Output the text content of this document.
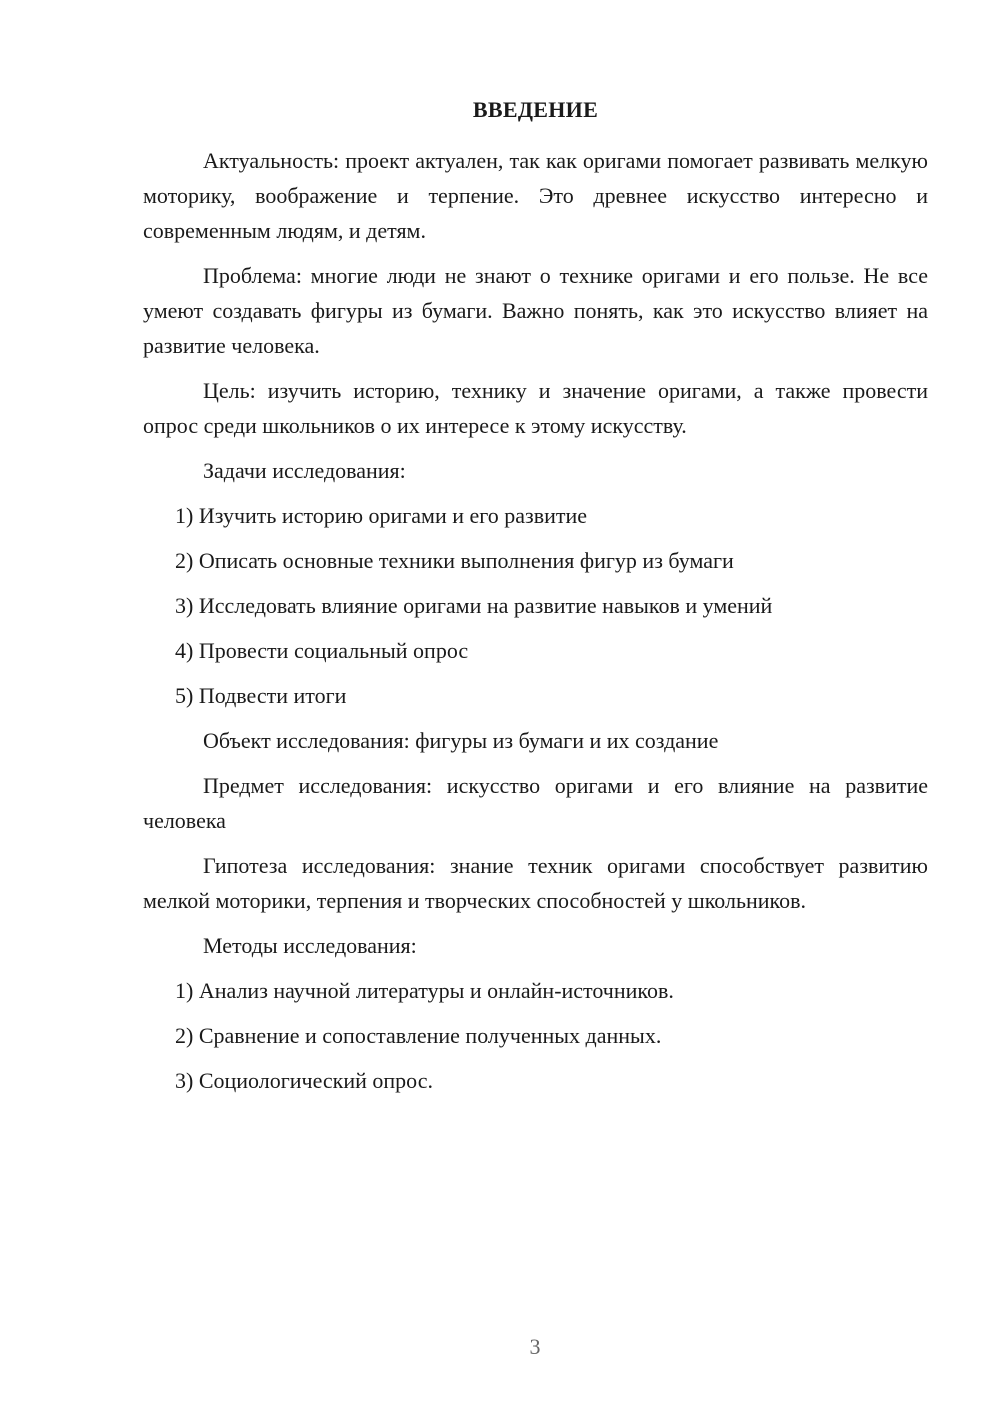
ВВЕДЕНИЕ

Актуальность: проект актуален, так как оригами помогает развивать мелкую моторику, воображение и терпение. Это древнее искусство интересно и современным людям, и детям.

Проблема: многие люди не знают о технике оригами и его пользе. Не все умеют создавать фигуры из бумаги. Важно понять, как это искусство влияет на развитие человека.

Цель: изучить историю, технику и значение оригами, а также провести опрос среди школьников о их интересе к этому искусству.

Задачи исследования:

1) Изучить историю оригами и его развитие

2) Описать основные техники выполнения фигур из бумаги

3) Исследовать влияние оригами на развитие навыков и умений

4) Провести социальный опрос

5) Подвести итоги

Объект исследования: фигуры из бумаги и их создание

Предмет исследования: искусство оригами и его влияние на развитие человека

Гипотеза исследования: знание техник оригами способствует развитию мелкой моторики, терпения и творческих способностей у школьников.

Методы исследования:

1) Анализ научной литературы и онлайн-источников.

2) Сравнение и сопоставление полученных данных.

3) Социологический опрос.

3
